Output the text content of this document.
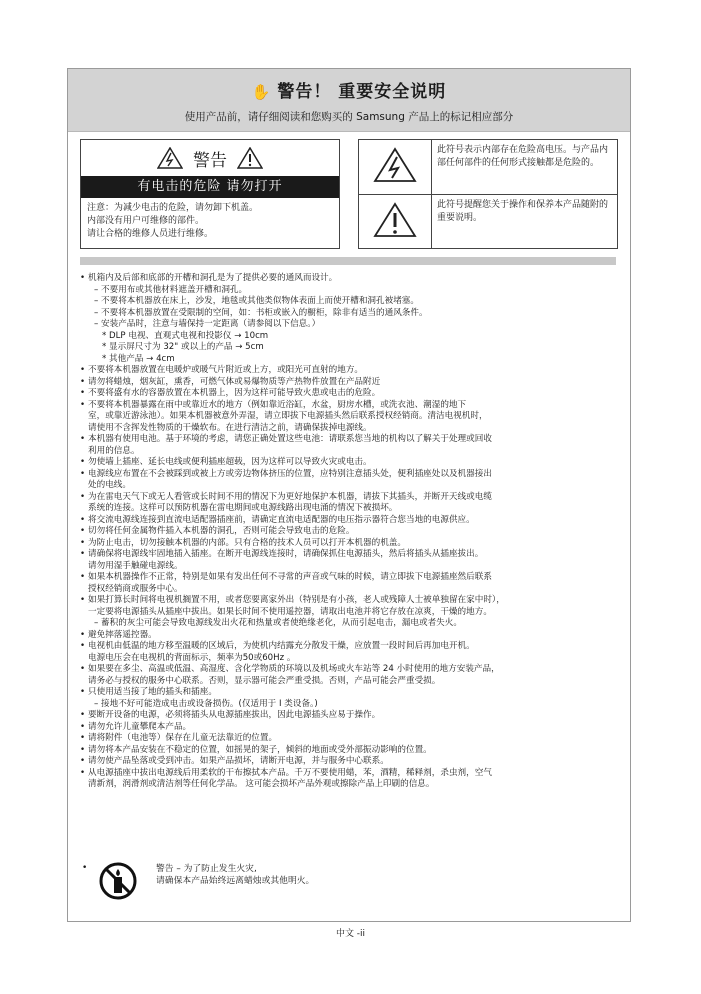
✋ 警告！ 重要安全说明
使用产品前，请仔细阅读和您购买的 Samsung 产品上的标记相应部分
警告
有电击的危险 请勿打开
注意：为减少电击的危险，请勿卸下机盖。
内部没有用户可维修的部件。
请让合格的维修人员进行维修。
此符号表示内部存在危险高电压。与产品内部任何部件的任何形式接触都是危险的。
此符号提醒您关于操作和保养本产品随附的重要说明。
• 机箱内及后部和底部的开槽和洞孔是为了提供必要的通风而设计。
– 不要用布或其他材料遮盖开槽和洞孔。
– 不要将本机器放在床上，沙发，地毯或其他类似物体表面上而使开槽和洞孔被堵塞。
– 不要将本机器放置在受限制的空间，如：书柜或嵌入的橱柜，除非有适当的通风条件。
– 安装产品时，注意与墙保持一定距离（请参阅以下信息。）
* DLP 电视、直观式电视和投影仪 → 10cm
* 显示屏尺寸为 32" 或以上的产品 → 5cm
* 其他产品 → 4cm
• 不要将本机器放置在电暖炉或暖气片附近或上方，或阳光可直射的地方。
• 请勿将蜡烛，烟灰缸，熏香，可燃气体或易爆物质等产热物件放置在产品附近
• 不要将盛有水的容器放置在本机器上，因为这样可能导致火患或电击的危险。
• 不要将本机器暴露在雨中或靠近水的地方（例如靠近浴缸，水盆，厨房水槽，或洗衣池、潮湿的地下
室，或靠近游泳池）。如果本机器被意外弄湿，请立即拔下电源插头然后联系授权经销商。清洁电视机时，
请使用不含挥发性物质的干燥软布。在进行清洁之前，请确保拔掉电源线。
• 本机器有使用电池。基于环境的考虑，请您正确处置这些电池：请联系您当地的机构以了解关于处理或回收
利用的信息。
• 勿使墙上插座、延长电线或便利插座超载，因为这样可以导致火灾或电击。
• 电源线应布置在不会被踩到或被上方或旁边物体挤压的位置，应特别注意插头处，便利插座处以及机器接出
处的电线。
• 为在雷电天气下或无人看管或长时间不用的情况下为更好地保护本机器，请拔下其插头，并断开天线或电缆
系统的连接。这样可以预防机器在雷电期间或电源线路出现电涌的情况下被损坏。
• 将交流电源线连接到直流电适配器插座前，请确定直流电适配器的电压指示器符合您当地的电源供应。
• 切勿将任何金属物件插入本机器的洞孔，否则可能会导致电击的危险。
• 为防止电击，切勿接触本机器的内部。只有合格的技术人员可以打开本机器的机盖。
• 请确保将电源线牢固地插入插座。在断开电源线连接时，请确保抓住电源插头，然后将插头从插座拔出。
请勿用湿手触碰电源线。
• 如果本机器操作不正常，特别是如果有发出任何不寻常的声音或气味的时候，请立即拔下电源插座然后联系
授权经销商或服务中心。
• 如果打算长时间将电视机搁置不用，或者您要离家外出（特别是有小孩，老人或残障人士被单独留在家中时），
一定要将电源插头从插座中拔出。如果长时间不使用遥控器，请取出电池并将它存放在凉爽，干燥的地方。
– 蓄积的灰尘可能会导致电源线发出火花和热量或者使绝缘老化，从而引起电击，漏电或者失火。
• 避免摔落遥控器。
• 电视机由低温的地方移至温暖的区域后，为使机内结露充分散发干燥，应放置一段时间后再加电开机。
电源电压会在电视机的背面标示，频率为50或60Hz 。
• 如果要在多尘、高温或低温、高湿度、含化学物质的环境以及机场或火车站等 24 小时使用的地方安装产品，
请务必与授权的服务中心联系。否则，显示器可能会严重受损。否则，产品可能会严重受损。
• 只使用适当接了地的插头和插座。
– 接地不好可能造成电击或设备损伤。(仅适用于 I 类设备。)
• 要断开设备的电源，必须将插头从电源插座拔出，因此电源插头应易于操作。
• 请勿允许儿童攀爬本产品。
• 请将附件（电池等）保存在儿童无法靠近的位置。
• 请勿将本产品安装在不稳定的位置，如摇晃的架子，倾斜的地面或受外部振动影响的位置。
• 请勿使产品坠落或受到冲击。如果产品损坏，请断开电源，并与服务中心联系。
• 从电源插座中拔出电源线后用柔软的干布擦拭本产品。千万不要使用蜡，苯，酒精，稀释剂，杀虫剂，空气
清新剂，润滑剂或清洁剂等任何化学品。 这可能会损坏产品外观或擦除产品上印刷的信息。
•	警告 – 为了防止发生火灾,
请确保本产品始终远离蜡烛或其他明火。
中文 -ii
